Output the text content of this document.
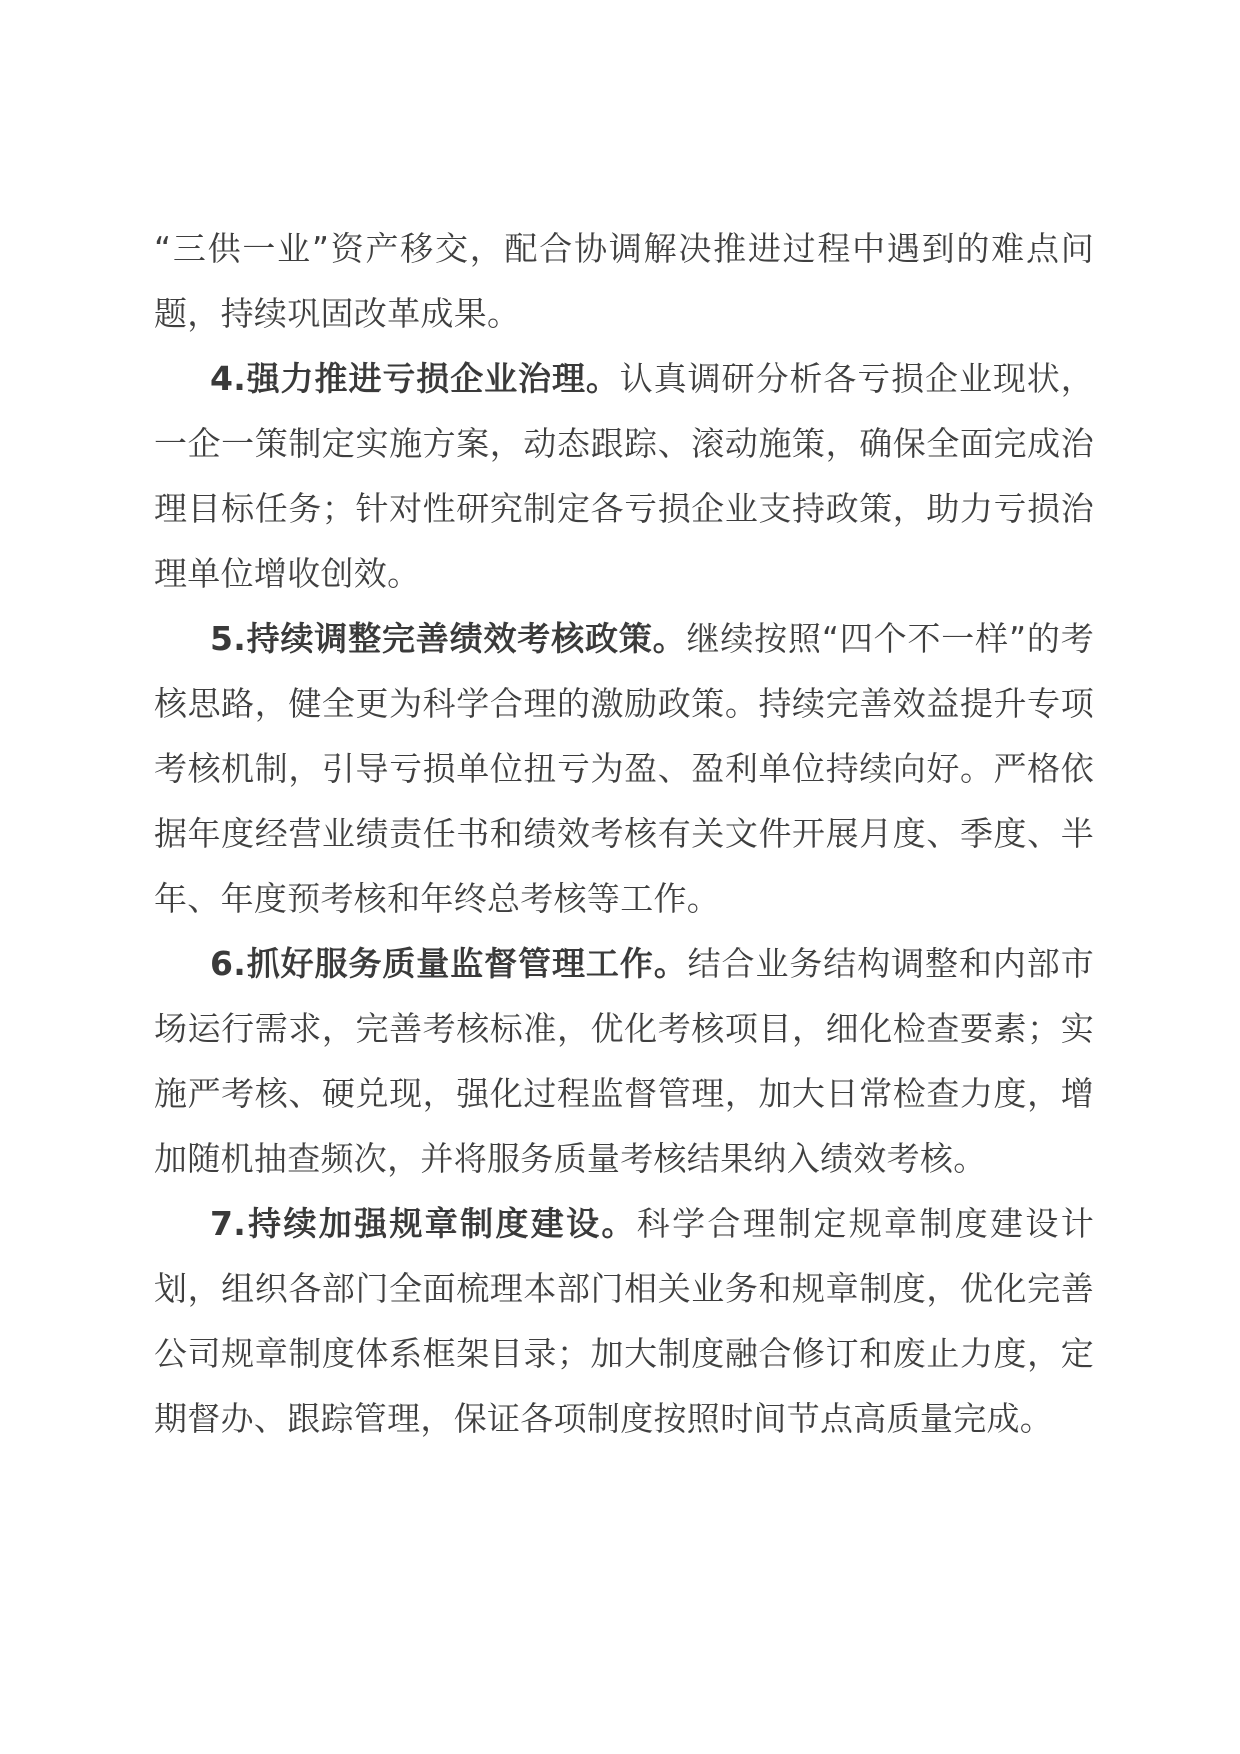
“三供一业”资产移交，配合协调解决推进过程中遇到的难点问题，持续巩固改革成果。

4.强力推进亏损企业治理。认真调研分析各亏损企业现状，一企一策制定实施方案，动态跟踪、滚动施策，确保全面完成治理目标任务；针对性研究制定各亏损企业支持政策，助力亏损治理单位增收创效。

5.持续调整完善绩效考核政策。继续按照“四个不一样”的考核思路，健全更为科学合理的激励政策。持续完善效益提升专项考核机制，引导亏损单位扭亏为盈、盈利单位持续向好。严格依据年度经营业绩责任书和绩效考核有关文件开展月度、季度、半年、年度预考核和年终总考核等工作。

6.抓好服务质量监督管理工作。结合业务结构调整和内部市场运行需求，完善考核标准，优化考核项目，细化检查要素；实施严考核、硬兑现，强化过程监督管理，加大日常检查力度，增加随机抽查频次，并将服务质量考核结果纳入绩效考核。

7.持续加强规章制度建设。科学合理制定规章制度建设计划，组织各部门全面梳理本部门相关业务和规章制度，优化完善公司规章制度体系框架目录；加大制度融合修订和废止力度，定期督办、跟踪管理，保证各项制度按照时间节点高质量完成。
